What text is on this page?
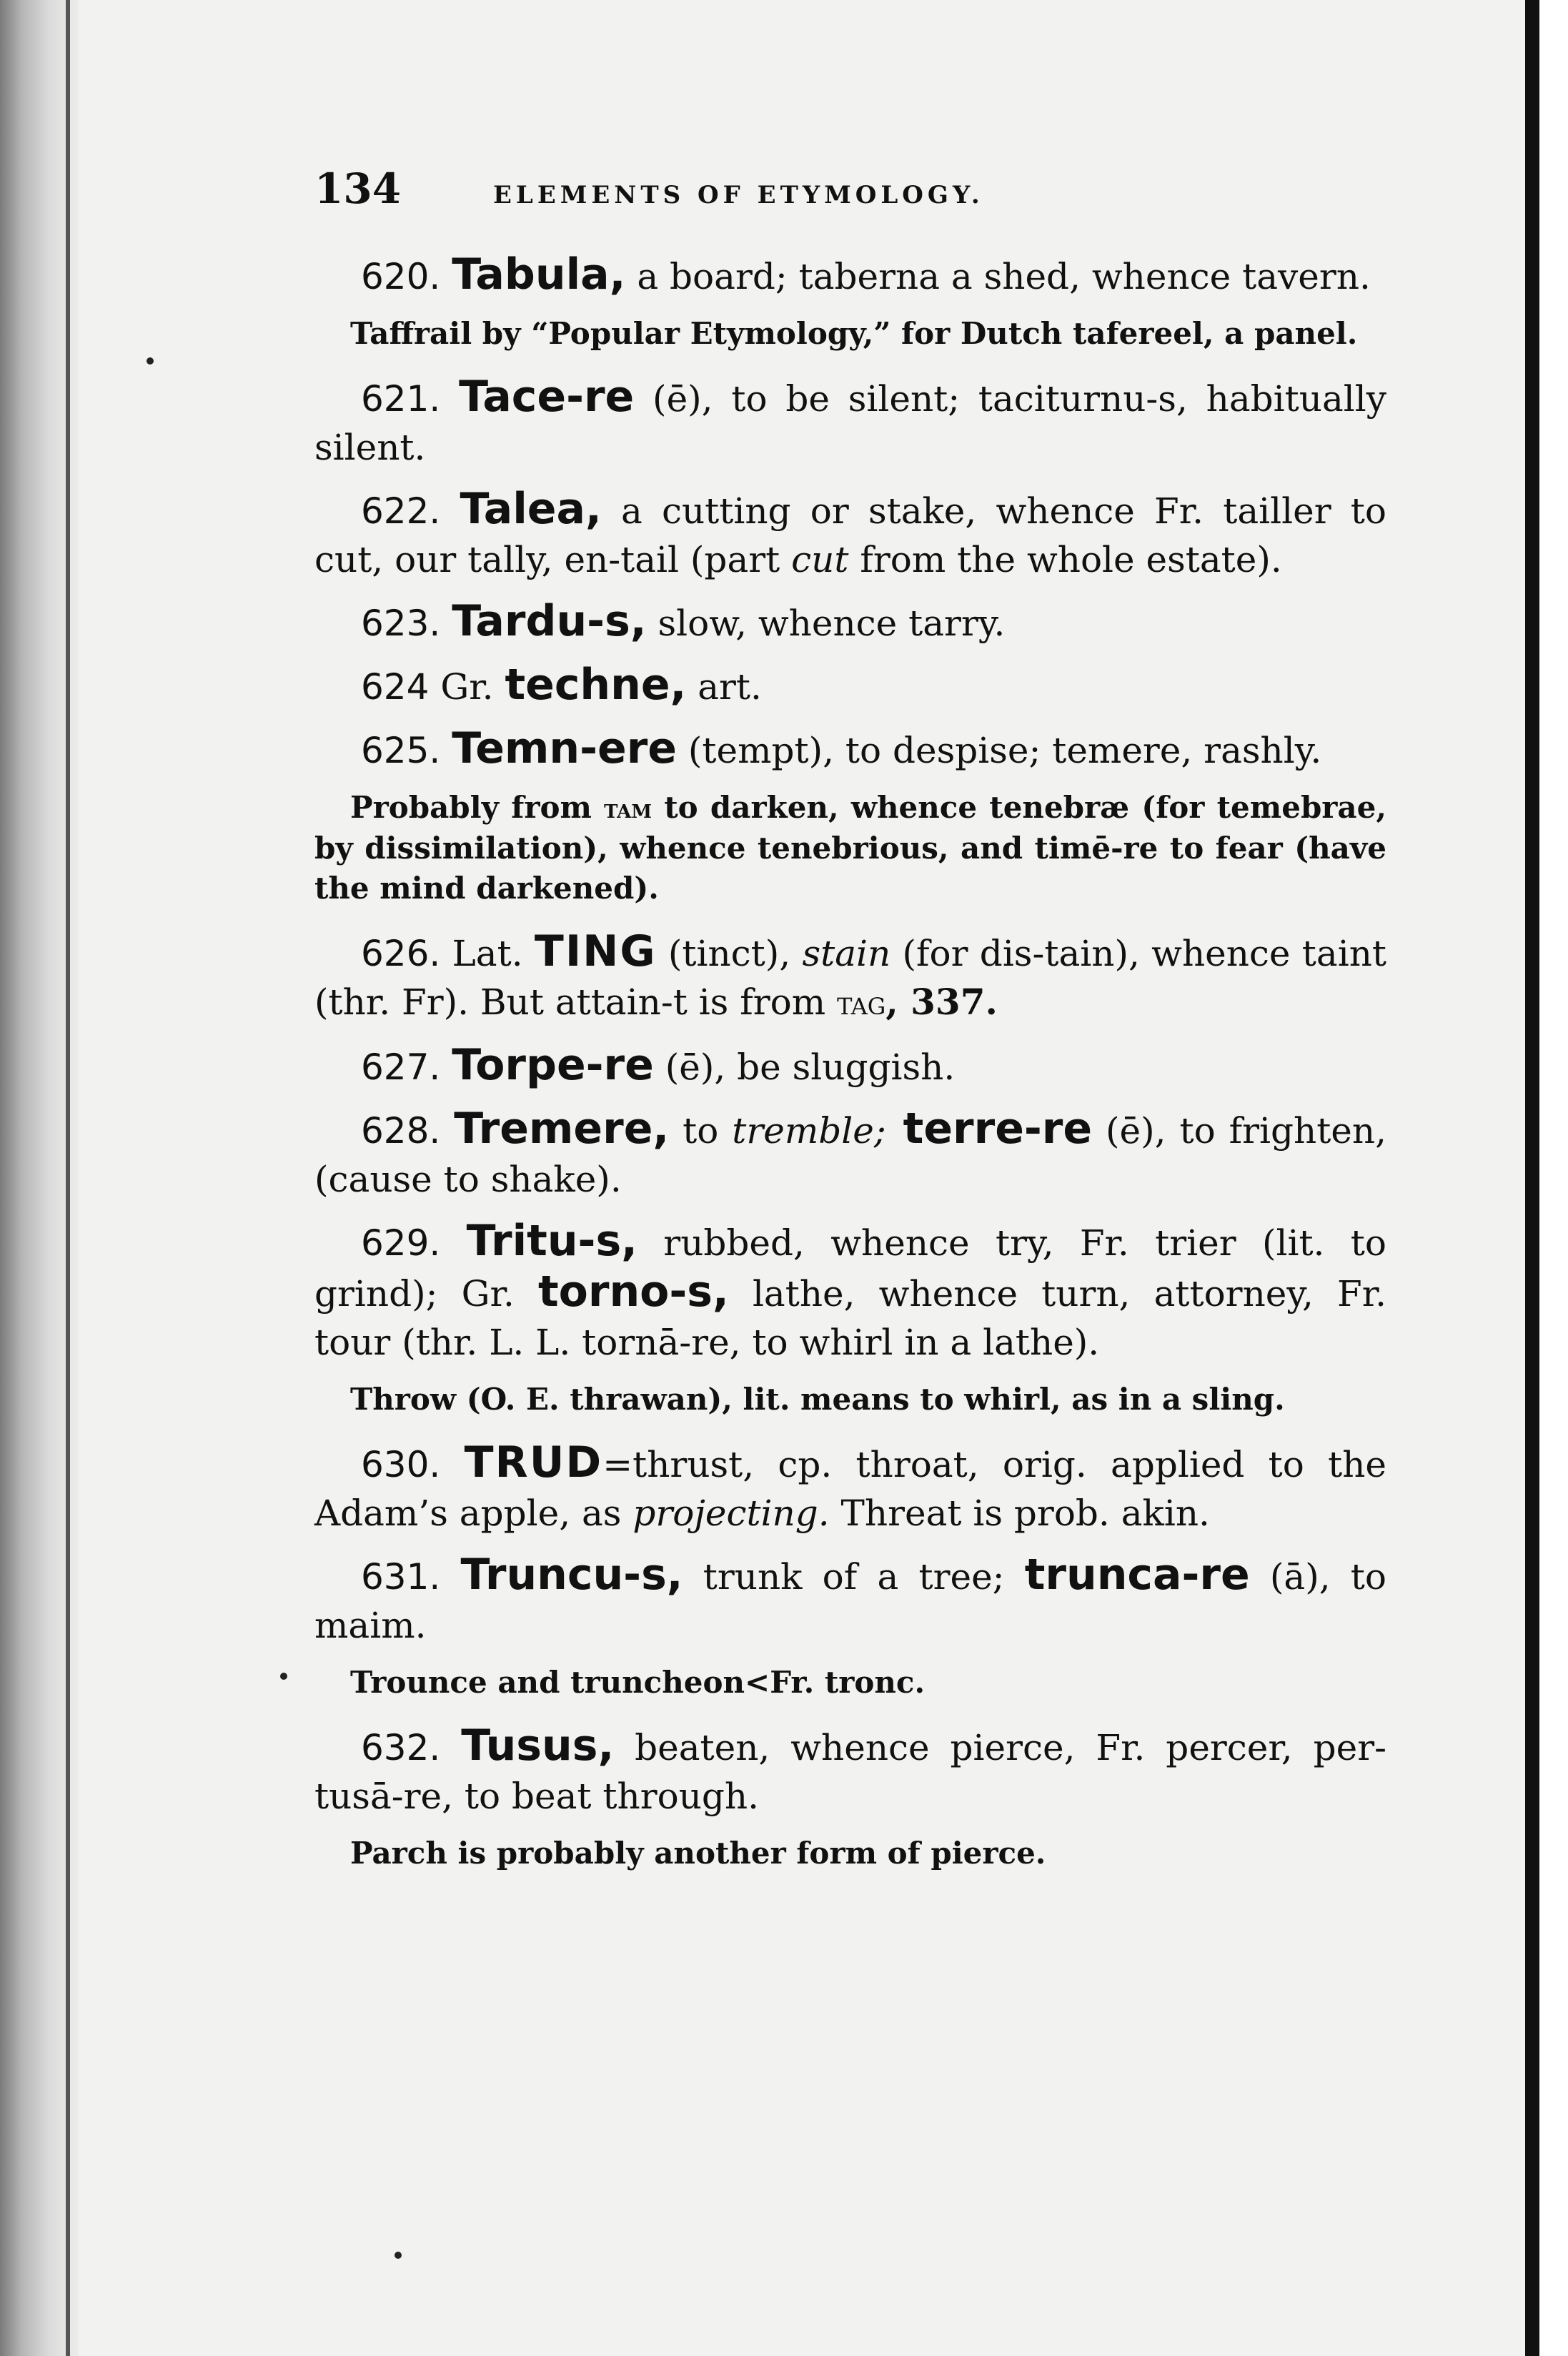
134	ELEMENTS OF ETYMOLOGY.

620. Tabula, a board; taberna a shed, whence tavern.

Taffrail by “Popular Etymology,” for Dutch tafereel, a panel.

621. Tace-re (ē), to be silent; taciturnu-s, habitually silent.

622. Talea, a cutting or stake, whence Fr. tailler to cut, our tally, en-tail (part cut from the whole estate).

623. Tardu-s, slow, whence tarry.

624 Gr. techne, art.

625. Temn-ere (tempt), to despise; temere, rashly.

Probably from tam to darken, whence tenebræ (for temebrae, by dissimilation), whence tenebrious, and timē-re to fear (have the mind darkened).

626. Lat. TING (tinct), stain (for dis-tain), whence taint (thr. Fr). But attain-t is from tag, 337.

627. Torpe-re (ē), be sluggish.

628. Tremere, to tremble; terre-re (ē), to frighten, (cause to shake).

629. Tritu-s, rubbed, whence try, Fr. trier (lit. to grind); Gr. torno-s, lathe, whence turn, attorney, Fr. tour (thr. L. L. tornā-re, to whirl in a lathe).

Throw (O. E. thrawan), lit. means to whirl, as in a sling.

630. TRUD=thrust, cp. throat, orig. applied to the Adam’s apple, as projecting. Threat is prob. akin.

631. Truncu-s, trunk of a tree; trunca-re (ā), to maim.

Trounce and truncheon<Fr. tronc.

632. Tusus, beaten, whence pierce, Fr. percer, per-tusā-re, to beat through.

Parch is probably another form of pierce.
